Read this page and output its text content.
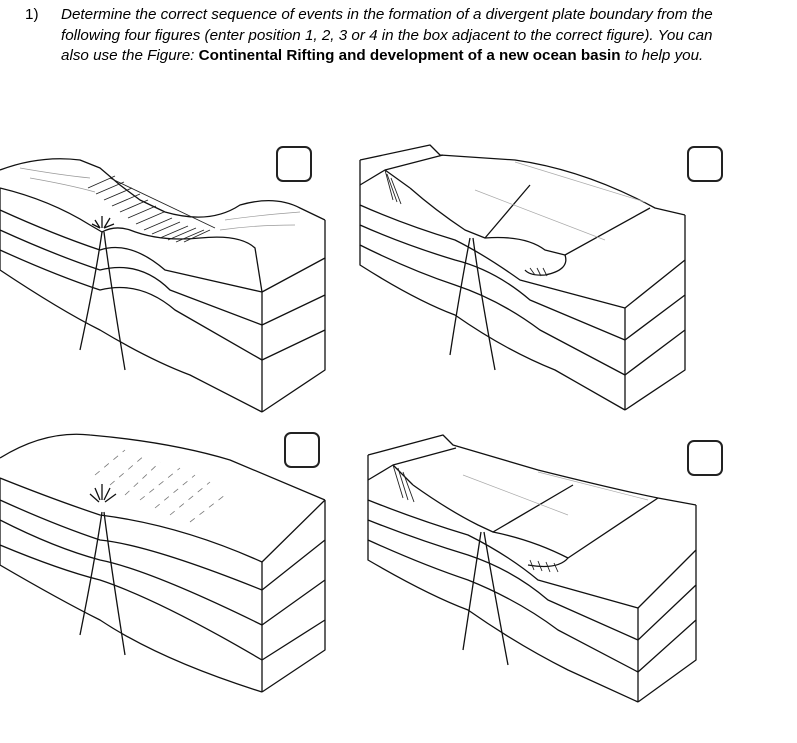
1) Determine the correct sequence of events in the formation of a divergent plate boundary from the following four figures (enter position 1, 2, 3 or 4 in the box adjacent to the correct figure). You can also use the Figure: Continental Rifting and development of a new ocean basin to help you.
